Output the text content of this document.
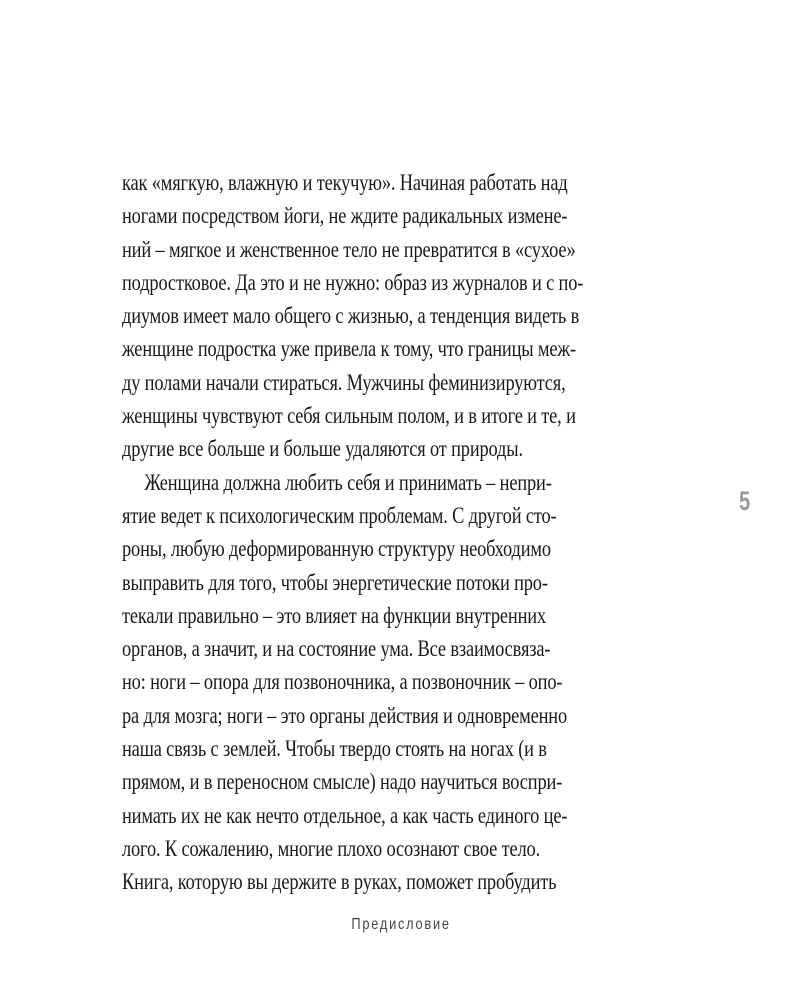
как «мягкую, влажную и текучую». Начиная работать над
ногами посредством йоги, не ждите радикальных измене-
ний – мягкое и женственное тело не превратится в «сухое»
подростковое. Да это и не нужно: образ из журналов и с по-
диумов имеет мало общего с жизнью, а тенденция видеть в
женщине подростка уже привела к тому, что границы меж-
ду полами начали стираться. Мужчины феминизируются,
женщины чувствуют себя сильным полом, и в итоге и те, и
другие все больше и больше удаляются от природы.
Женщина должна любить себя и принимать – непри-
ятие ведет к психологическим проблемам. С другой сто-
роны, любую деформированную структуру необходимо
выправить для того, чтобы энергетические потоки про-
текали правильно – это влияет на функции внутренних
органов, а значит, и на состояние ума. Все взаимосвяза-
но: ноги – опора для позвоночника, а позвоночник – опо-
ра для мозга; ноги – это органы действия и одновременно
наша связь с землей. Чтобы твердо стоять на ногах (и в
прямом, и в переносном смысле) надо научиться воспри-
нимать их не как нечто отдельное, а как часть единого це-
лого. К сожалению, многие плохо осознают свое тело.
Книга, которую вы держите в руках, поможет пробудить
5
Предисловие
